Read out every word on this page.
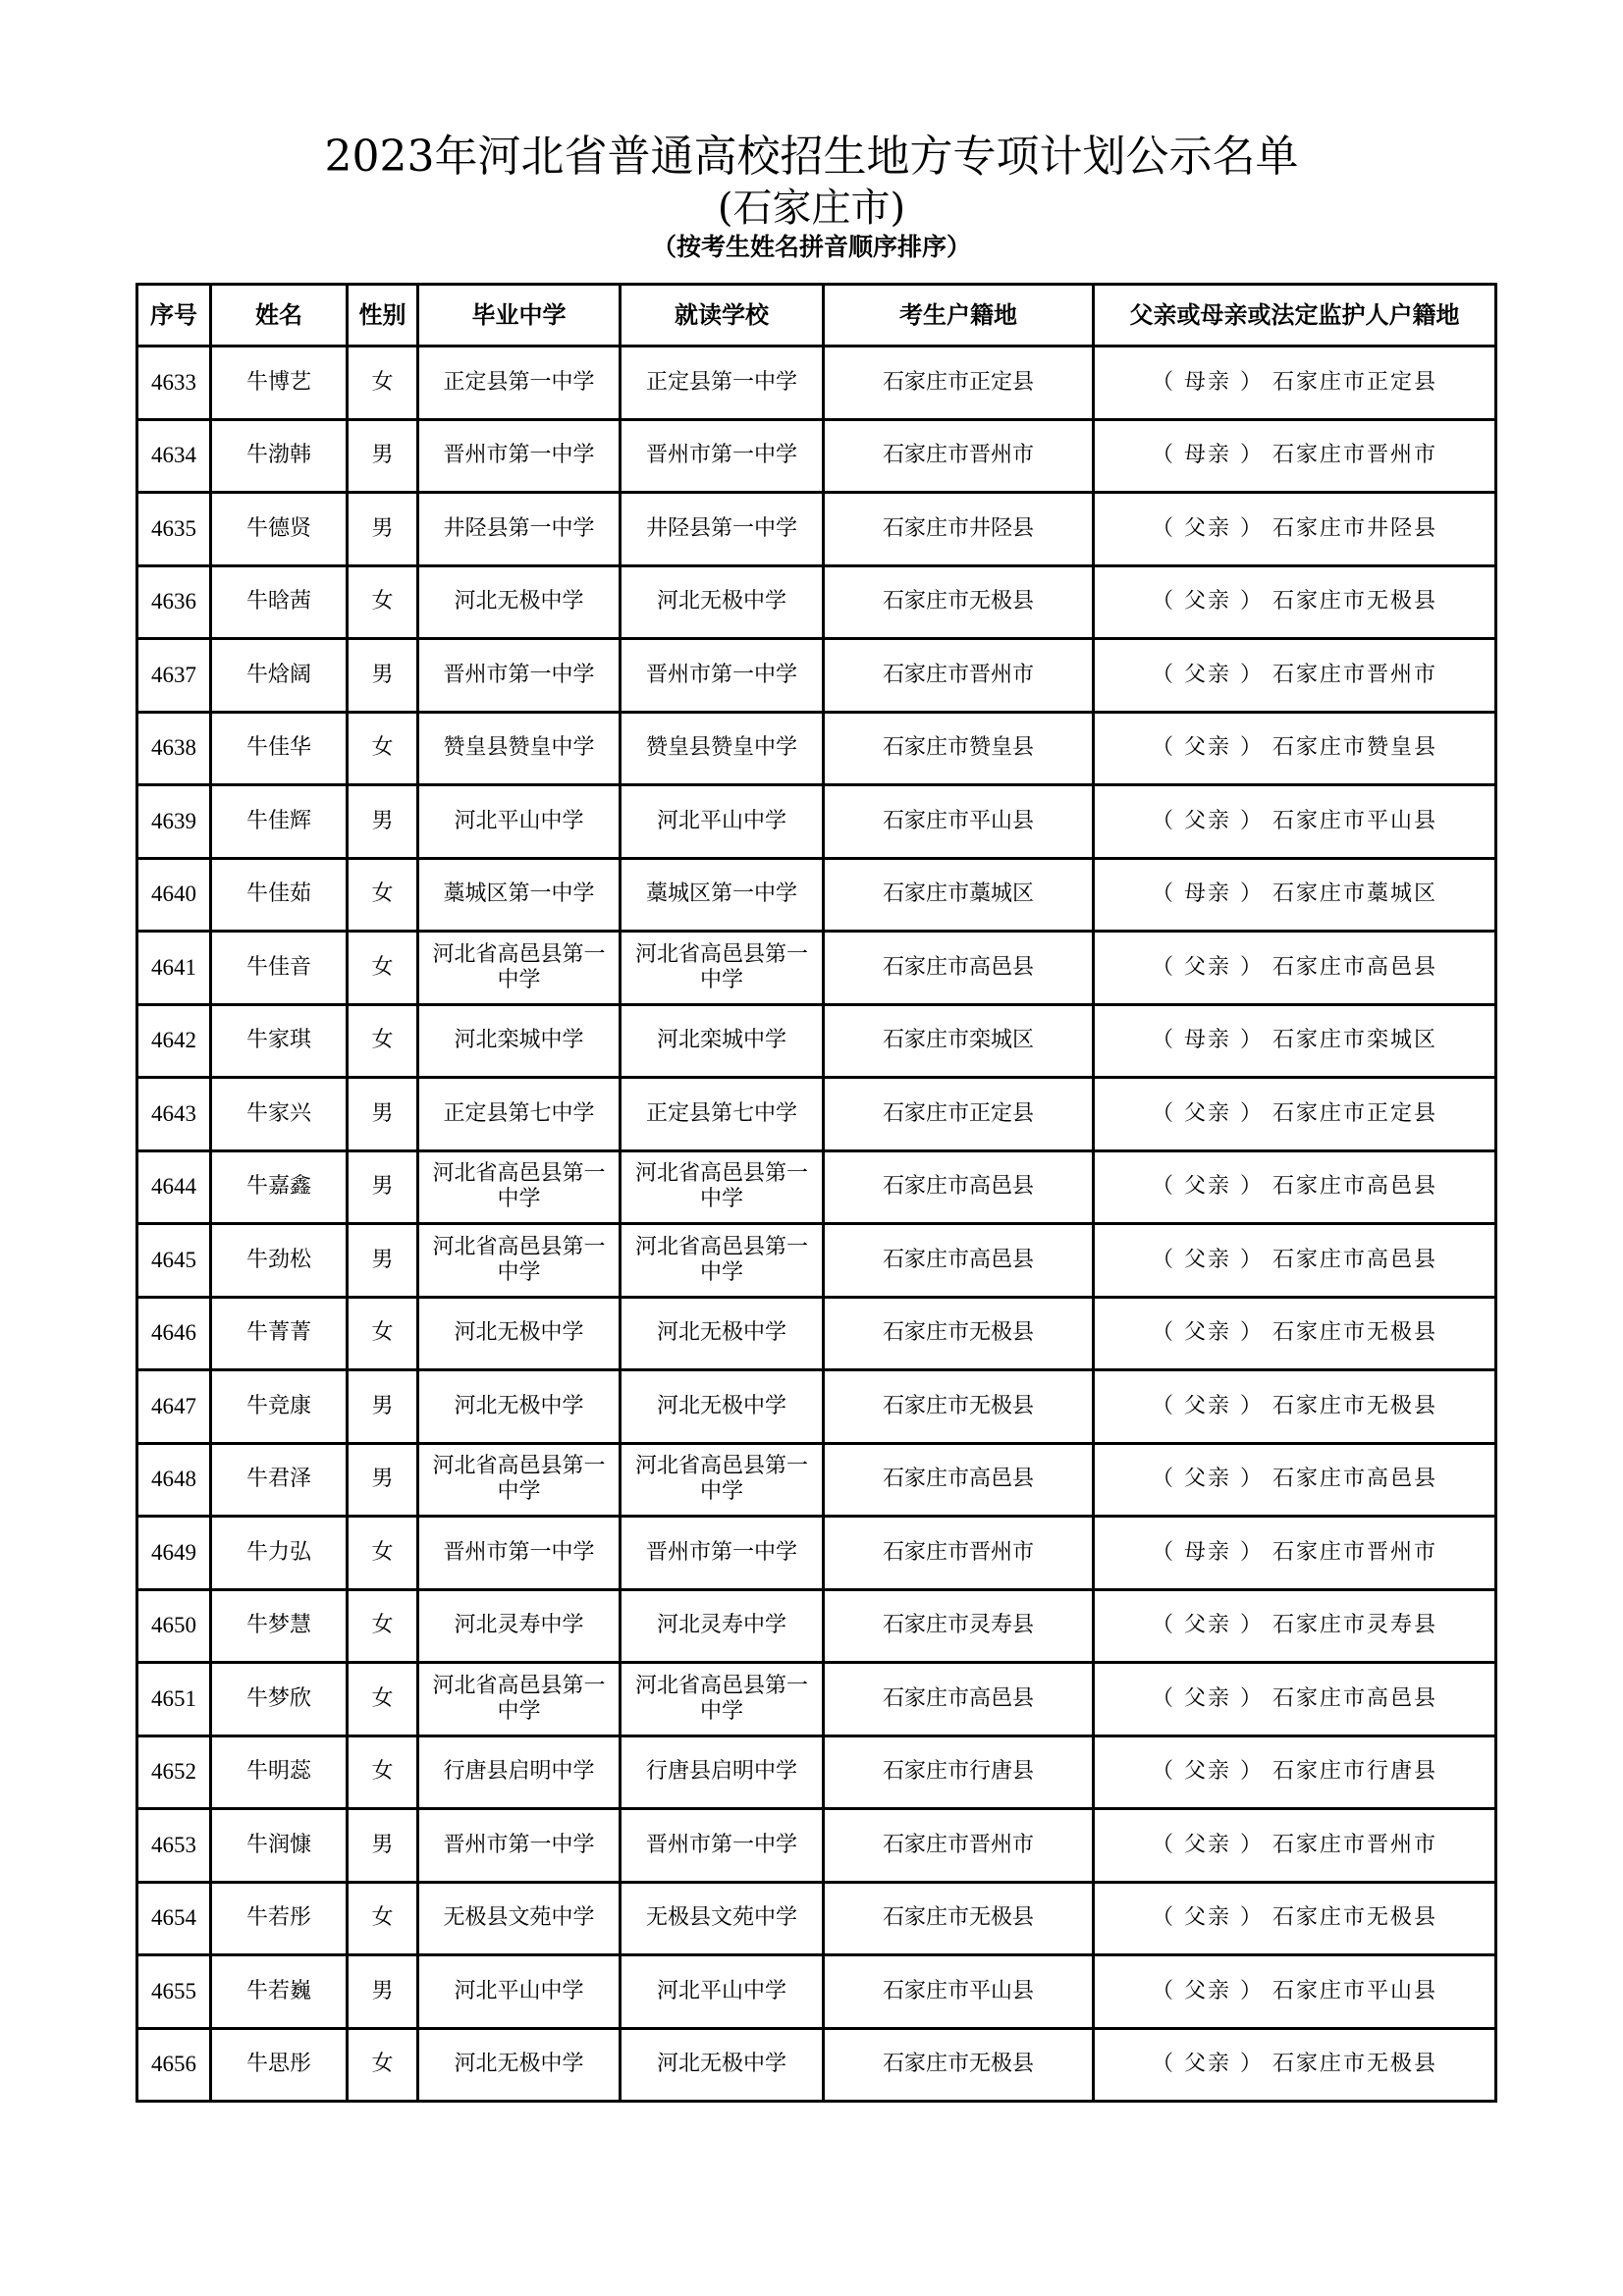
2023年河北省普通高校招生地方专项计划公示名单
(石家庄市)
（按考生姓名拼音顺序排序）
序号	姓名	性别	毕业中学	就读学校	考生户籍地	父亲或母亲或法定监护人户籍地
4633	牛博艺	女	正定县第一中学	正定县第一中学	石家庄市正定县	（ 母亲 ） 石家庄市正定县
4634	牛渤韩	男	晋州市第一中学	晋州市第一中学	石家庄市晋州市	（ 母亲 ） 石家庄市晋州市
4635	牛德贤	男	井陉县第一中学	井陉县第一中学	石家庄市井陉县	（ 父亲 ） 石家庄市井陉县
4636	牛晗茜	女	河北无极中学	河北无极中学	石家庄市无极县	（ 父亲 ） 石家庄市无极县
4637	牛焓阔	男	晋州市第一中学	晋州市第一中学	石家庄市晋州市	（ 父亲 ） 石家庄市晋州市
4638	牛佳华	女	赞皇县赞皇中学	赞皇县赞皇中学	石家庄市赞皇县	（ 父亲 ） 石家庄市赞皇县
4639	牛佳辉	男	河北平山中学	河北平山中学	石家庄市平山县	（ 父亲 ） 石家庄市平山县
4640	牛佳茹	女	藁城区第一中学	藁城区第一中学	石家庄市藁城区	（ 母亲 ） 石家庄市藁城区
4641	牛佳音	女	河北省高邑县第一中学	河北省高邑县第一中学	石家庄市高邑县	（ 父亲 ） 石家庄市高邑县
4642	牛家琪	女	河北栾城中学	河北栾城中学	石家庄市栾城区	（ 母亲 ） 石家庄市栾城区
4643	牛家兴	男	正定县第七中学	正定县第七中学	石家庄市正定县	（ 父亲 ） 石家庄市正定县
4644	牛嘉鑫	男	河北省高邑县第一中学	河北省高邑县第一中学	石家庄市高邑县	（ 父亲 ） 石家庄市高邑县
4645	牛劲松	男	河北省高邑县第一中学	河北省高邑县第一中学	石家庄市高邑县	（ 父亲 ） 石家庄市高邑县
4646	牛菁菁	女	河北无极中学	河北无极中学	石家庄市无极县	（ 父亲 ） 石家庄市无极县
4647	牛竞康	男	河北无极中学	河北无极中学	石家庄市无极县	（ 父亲 ） 石家庄市无极县
4648	牛君泽	男	河北省高邑县第一中学	河北省高邑县第一中学	石家庄市高邑县	（ 父亲 ） 石家庄市高邑县
4649	牛力弘	女	晋州市第一中学	晋州市第一中学	石家庄市晋州市	（ 母亲 ） 石家庄市晋州市
4650	牛梦慧	女	河北灵寿中学	河北灵寿中学	石家庄市灵寿县	（ 父亲 ） 石家庄市灵寿县
4651	牛梦欣	女	河北省高邑县第一中学	河北省高邑县第一中学	石家庄市高邑县	（ 父亲 ） 石家庄市高邑县
4652	牛明蕊	女	行唐县启明中学	行唐县启明中学	石家庄市行唐县	（ 父亲 ） 石家庄市行唐县
4653	牛润慷	男	晋州市第一中学	晋州市第一中学	石家庄市晋州市	（ 父亲 ） 石家庄市晋州市
4654	牛若彤	女	无极县文苑中学	无极县文苑中学	石家庄市无极县	（ 父亲 ） 石家庄市无极县
4655	牛若巍	男	河北平山中学	河北平山中学	石家庄市平山县	（ 父亲 ） 石家庄市平山县
4656	牛思彤	女	河北无极中学	河北无极中学	石家庄市无极县	（ 父亲 ） 石家庄市无极县
